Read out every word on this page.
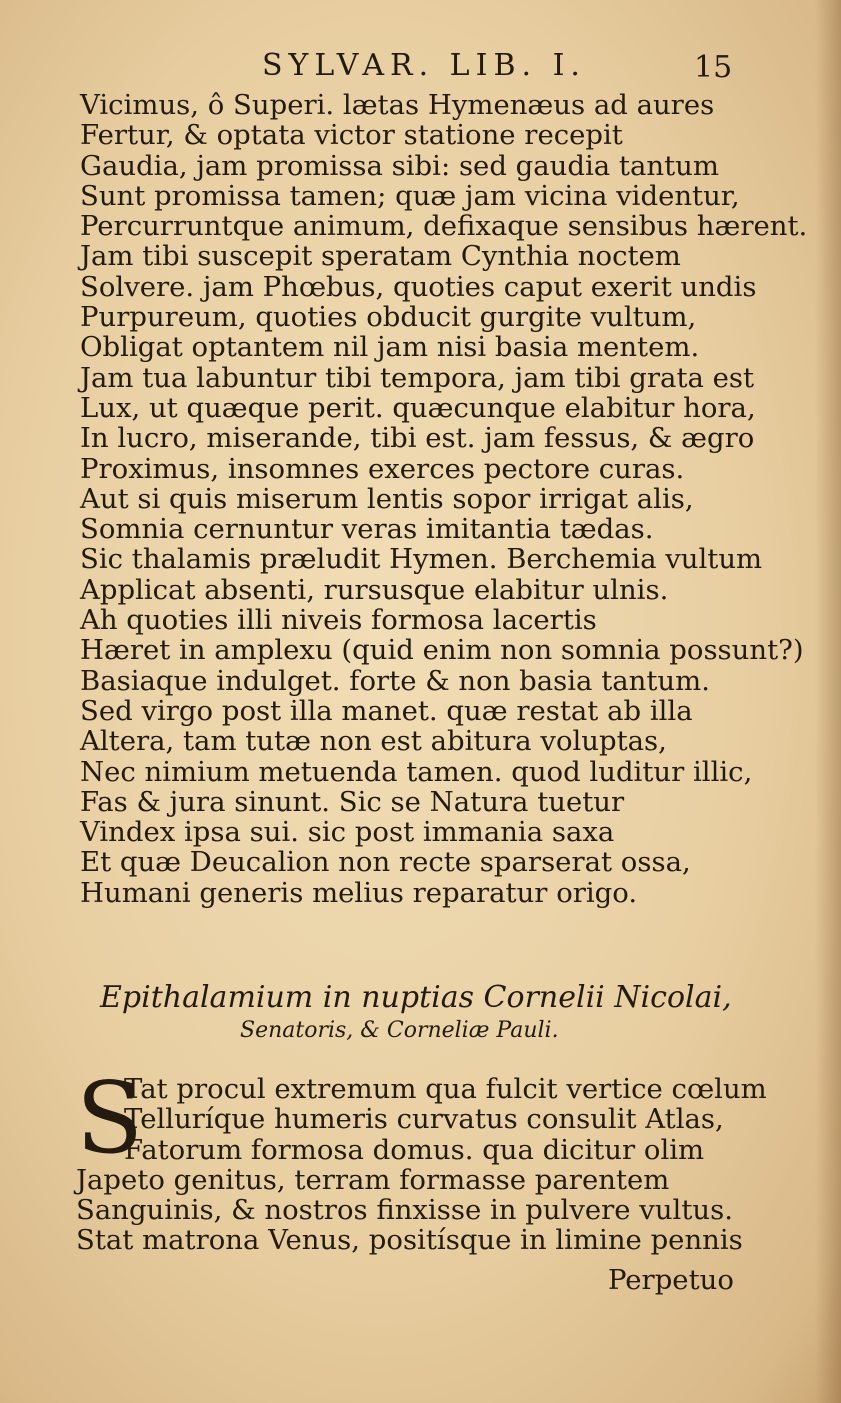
SYLVAR. LIB. I.	15
Vicimus, ô Superi. lætas Hymenæus ad aures
Fertur, & optata victor statione recepit
Gaudia, jam promissa sibi: sed gaudia tantum
Sunt promissa tamen; quæ jam vicina videntur,
Percurruntque animum, defixaque sensibus hærent.
Jam tibi suscepit speratam Cynthia noctem
Solvere. jam Phœbus, quoties caput exerit undis
Purpureum, quoties obducit gurgite vultum,
Obligat optantem nil jam nisi basia mentem.
Jam tua labuntur tibi tempora, jam tibi grata est
Lux, ut quæque perit. quæcunque elabitur hora,
In lucro, miserande, tibi est. jam fessus, & ægro
Proximus, insomnes exerces pectore curas.
Aut si quis miserum lentis sopor irrigat alis,
Somnia cernuntur veras imitantia tædas.
Sic thalamis præludit Hymen. Berchemia vultum
Applicat absenti, rursusque elabitur ulnis.
Ah quoties illi niveis formosa lacertis
Hæret in amplexu (quid enim non somnia possunt?)
Basiaque indulget. forte & non basia tantum.
Sed virgo post illa manet. quæ restat ab illa
Altera, tam tutæ non est abitura voluptas,
Nec nimium metuenda tamen. quod luditur illic,
Fas & jura sinunt. Sic se Natura tuetur
Vindex ipsa sui. sic post immania saxa
Et quæ Deucalion non recte sparserat ossa,
Humani generis melius reparatur origo.
Epithalamium in nuptias Cornelii Nicolai,
Senatoris, & Corneliæ Pauli.
S
Tat procul extremum qua fulcit vertice cœlum
Telluríque humeris curvatus consulit Atlas,
Fatorum formosa domus. qua dicitur olim
Japeto genitus, terram formasse parentem
Sanguinis, & nostros finxisse in pulvere vultus.
Stat matrona Venus, positísque in limine pennis
Perpetuo
